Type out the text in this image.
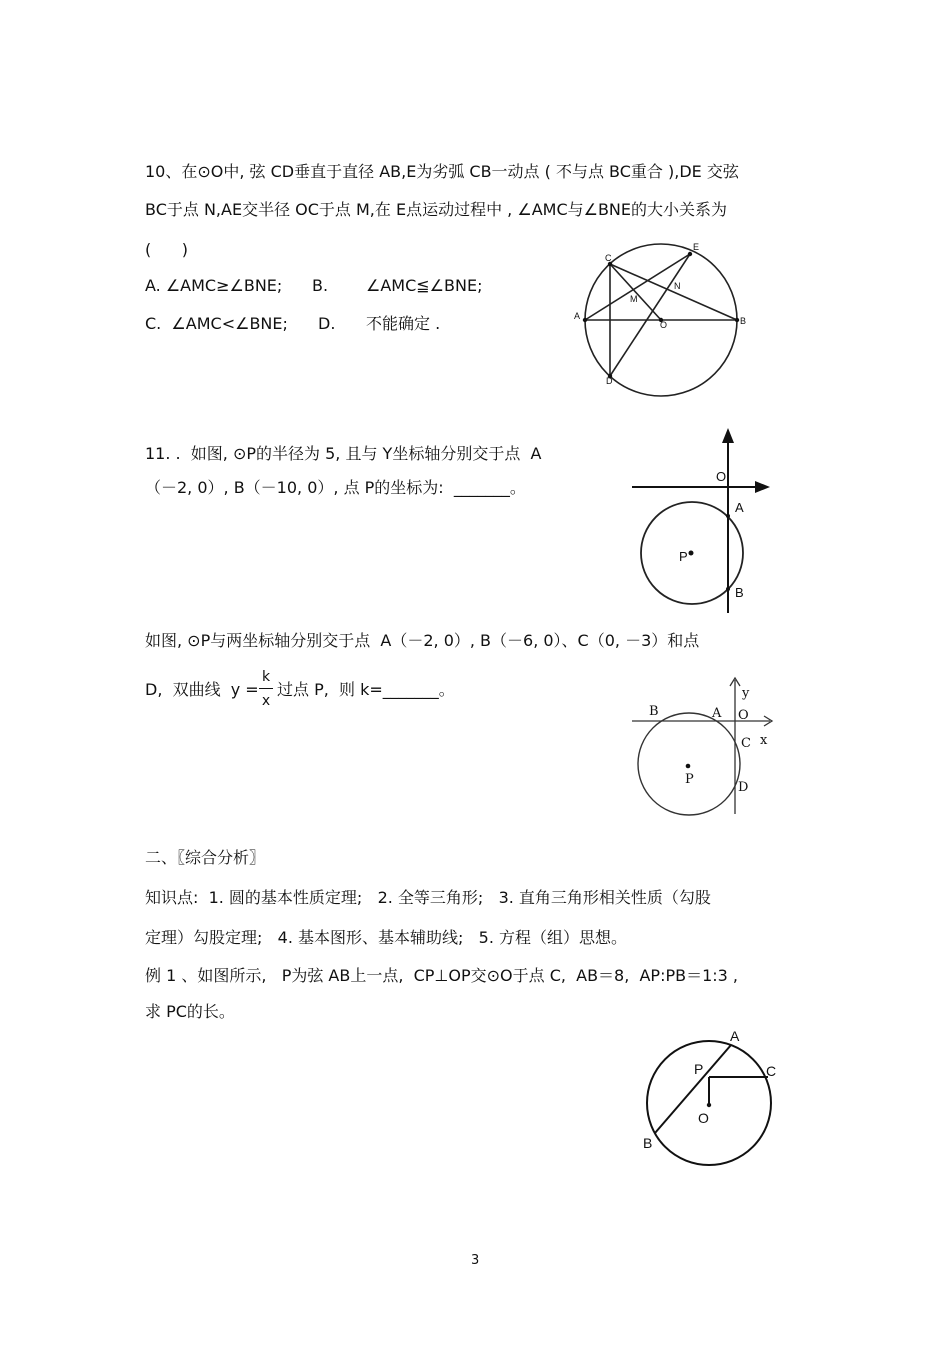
10、在⊙O中, 弦 CD垂直于直径 AB,E为劣弧 CB一动点 ( 不与点 BC重合 ),DE 交弦
BC于点 N,AE交半径 OC于点 M,在 E点运动过程中 , ∠AMC与∠BNE的大小关系为
(      )
A. ∠AMC≥∠BNE; B. ∠AMC≦∠BNE;
C.  ∠AMC<∠BNE; D. 不能确定 .
C
E
M
N
A
O	B
D
11. .  如图, ⊙P的半径为 5, 且与 Y坐标轴分别交于点  A
（－2, 0）, B（－10, 0）, 点 P的坐标为:  _______。
O
A
P
B
如图, ⊙P与两坐标轴分别交于点  A（－2, 0）, B（－6, 0）、C（0, －3）和点
D,  双曲线  y =
k
x
过点 P,  则 k=_______。
B	A O
y
C x
P
D
二、〖综合分析〗
知识点:  1. 圆的基本性质定理;   2. 全等三角形;   3. 直角三角形相关性质（勾股
定理）勾股定理;   4. 基本图形、基本辅助线;   5. 方程（组）思想。
例 1 、如图所示,   P为弦 AB上一点,  CP⊥OP交⊙O于点 C,  AB＝8,  AP:PB＝1:3 ,
求 PC的长。
A
P	C
O
B
3
